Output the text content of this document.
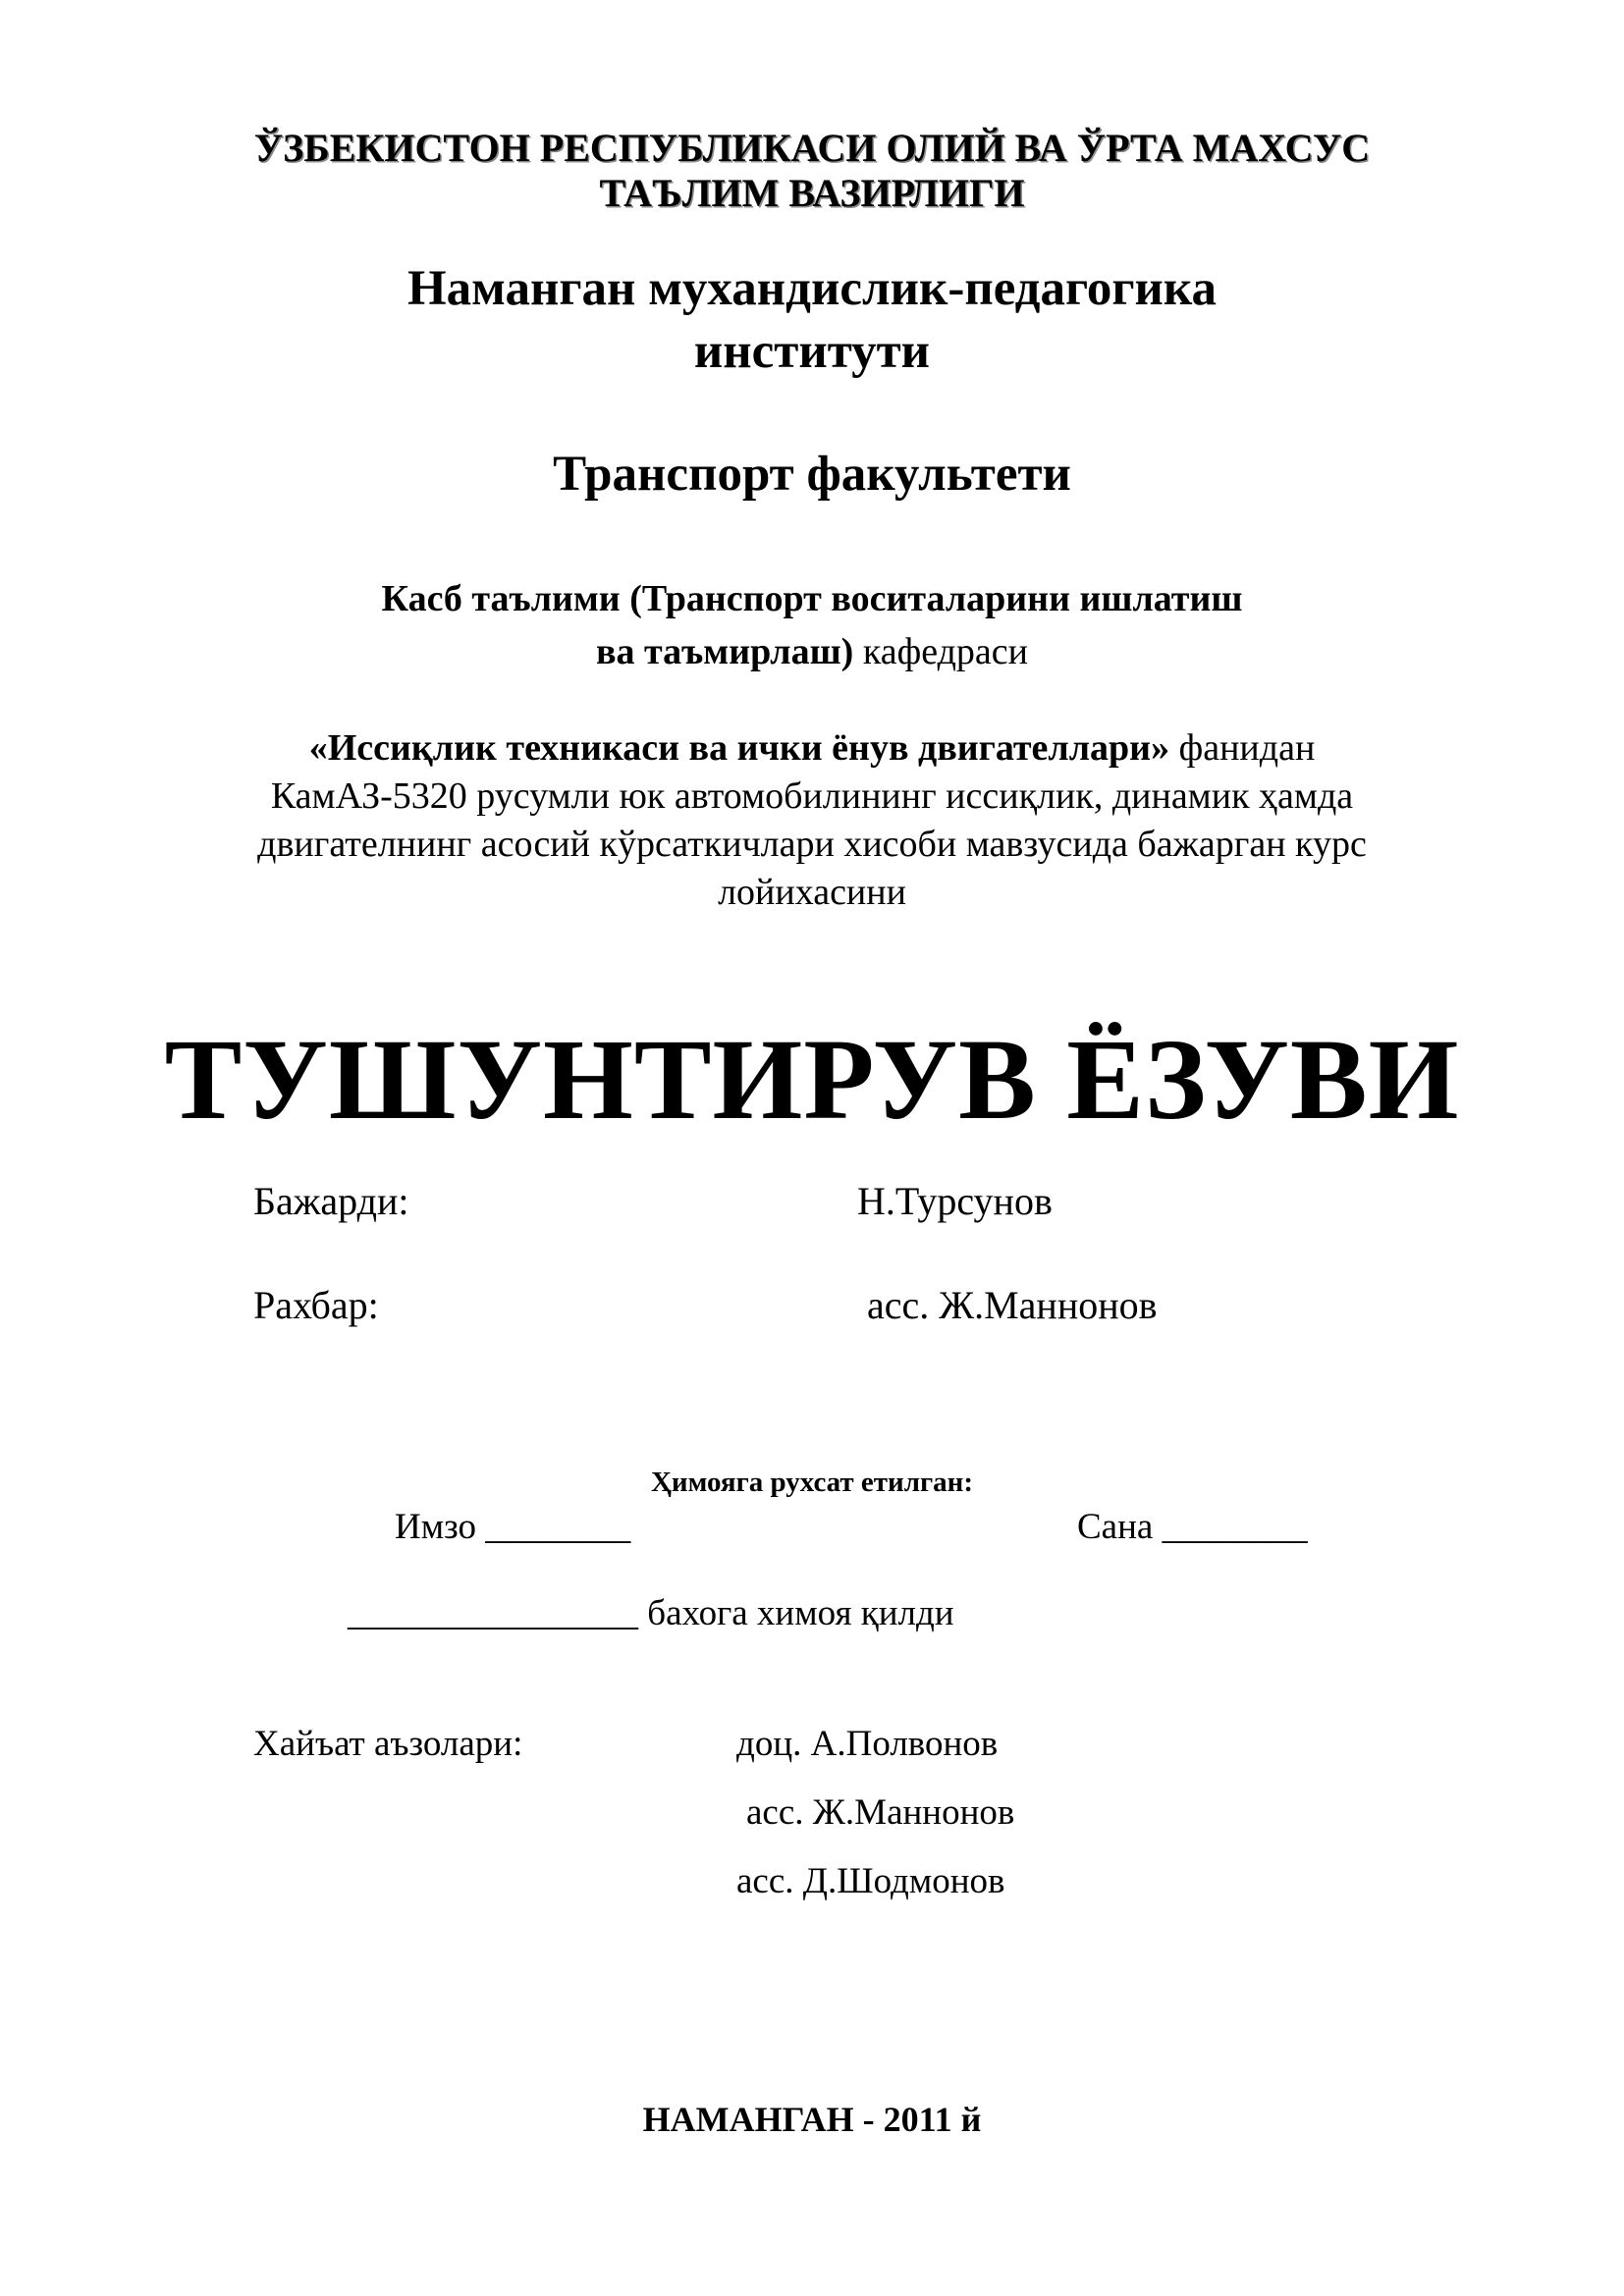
ЎЗБЕКИСТОН РЕСПУБЛИКАСИ ОЛИЙ ВА ЎРТА МАХСУС
ТАЪЛИМ ВАЗИРЛИГИ
Наманган мухандислик-педагогика
институти
Транспорт факультети
Касб таълими (Транспорт воситаларини ишлатиш
ва таъмирлаш) кафедраси
«Иссиқлик техникаси ва ички ёнув двигателлари» фанидан
КамАЗ-5320 русумли юк автомобилининг иссиқлик, динамик ҳамда
двигателнинг асосий кўрсаткичлари хисоби мавзусида бажарган курс
лойихасини
ТУШУНТИРУВ ЁЗУВИ
Бажарди:	Н.Турсунов
Рахбар:	асс. Ж.Маннонов
Ҳимояга рухсат етилган:
Имзо ________	Сана ________
________________ бахога химоя қилди
Хайъат аъзолари:	доц. А.Полвонов
асс. Ж.Маннонов
асс. Д.Шодмонов
НАМАНГАН - 2011 й
